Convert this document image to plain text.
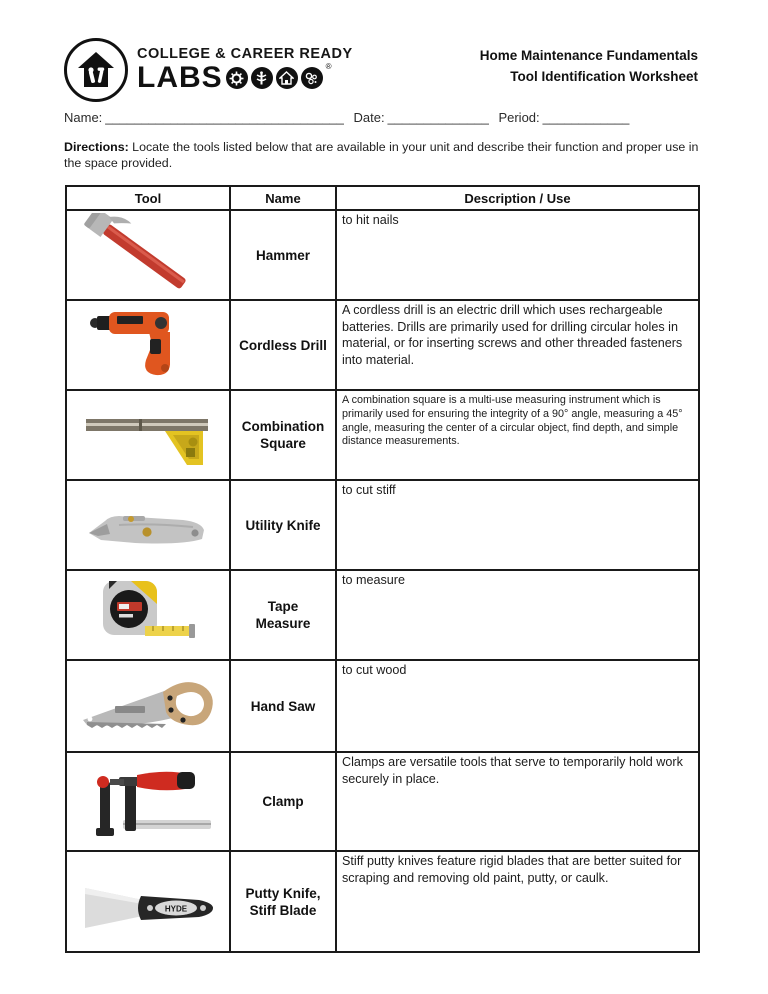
COLLEGE & CAREER READY
LABS	®
Home Maintenance Fundamentals
Tool Identification Worksheet
Name: _________________________________ Date: ______________ Period: ____________
Directions: Locate the tools listed below that are available in your unit and describe their function and proper use in the space provided.
Tool	Name	Description / Use

	Hammer	to hit nails

	Cordless Drill	A cordless drill is an electric drill which uses rechargeable batteries. Drills are primarily used for drilling circular holes in material, or for inserting screws and other threaded fasteners into material.

	Combination Square	A combination square is a multi-use measuring instrument which is primarily used for ensuring the integrity of a 90° angle, measuring a 45° angle, measuring the center of a circular object, find depth, and simple distance measurements.

	Utility Knife	to cut stiff

	Tape Measure	to measure

	Hand Saw	to cut wood

	Clamp	Clamps are versatile tools that serve to temporarily hold work securely in place.

HYDE	Putty Knife, Stiff Blade	Stiff putty knives feature rigid blades that are better suited for scraping and removing old paint, putty, or caulk.
